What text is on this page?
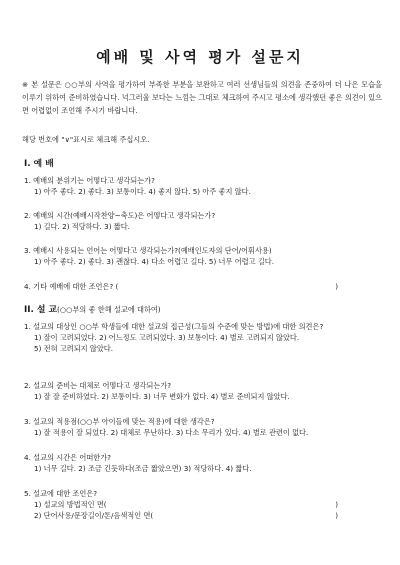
예배 및 사역 평가 설문지

※ 본 설문은 ○○부의 사역을 평가하여 부족한 부분을 보완하고 여러 선생님들의 의견을 존중하여 더 나은 모습을 이루기 위하여 준비하였습니다. 넉그러울 보다는 느낌는 그대로 체크하여 주시고 평소에 생각했던 좋은 의견이 있으면 어렵없이 조언해 주시기 바랍니다.

해당 번호에 "∨"표시로 체크해 주십시오.

I. 예 배

1. 예배의 분위기는 어떻다고 생각되는가?

1) 아주 좋다. 2) 좋다. 3) 보통이다. 4) 좋지 않다. 5) 아주 좋지 않다.

2. 예배의 시간(예배시작찬양~축도)은 어떻다고 생각되는가?

1) 길다. 2) 적당하다. 3) 짧다.

3. 예배시 사용되는 언어는 어떻다고 생각되는가?(예배인도자의 단어/어휘사용)

1) 아주 좋다. 2) 좋다. 3) 괜찮다. 4) 다소 어렵고 길다. 5) 너무 어렵고 길다.

4. 기타 예배에 대한 조언은? (	)

II. 설 교(○○부의 좋 한해 설교에 대하여)

1. 설교의 대상인 ○○부 학생들에 대한 설교의 접근성(그들의 수준에 맞는 방법)에 대한 의견은?

1) 잘이 고려되었다. 2) 어느정도 고려되었다. 3) 보통이다. 4) 별로 고려되지 않았다.

5) 전혀 고려되지 않았다.

2. 설교의 준비는 대체로 어떻다고 생각되는가?

1) 잘 잘 준비하였다. 2) 보통이다. 3) 너무 변화가 없다. 4) 별로 준비되지 않았다.

3. 설교의 적용점(○○부 아이들에 맞는 적용)에 대한 생각은?

1) 잘 적용이 잘 되었다. 2) 대체로 무난하다. 3) 다소 무리가 있다. 4) 별로 관련이 없다.

4. 설교의 시간은 어떠한가?

1) 너무 길다. 2) 조금 긴듯하다(조금 짧았으면) 3) 적당하다. 4) 짧다.

5. 설교에 대한 조언은?

1) 설교의 방법적인 면(	)

2) 단어사용/문장길이/톤/음색적인 면(	)
